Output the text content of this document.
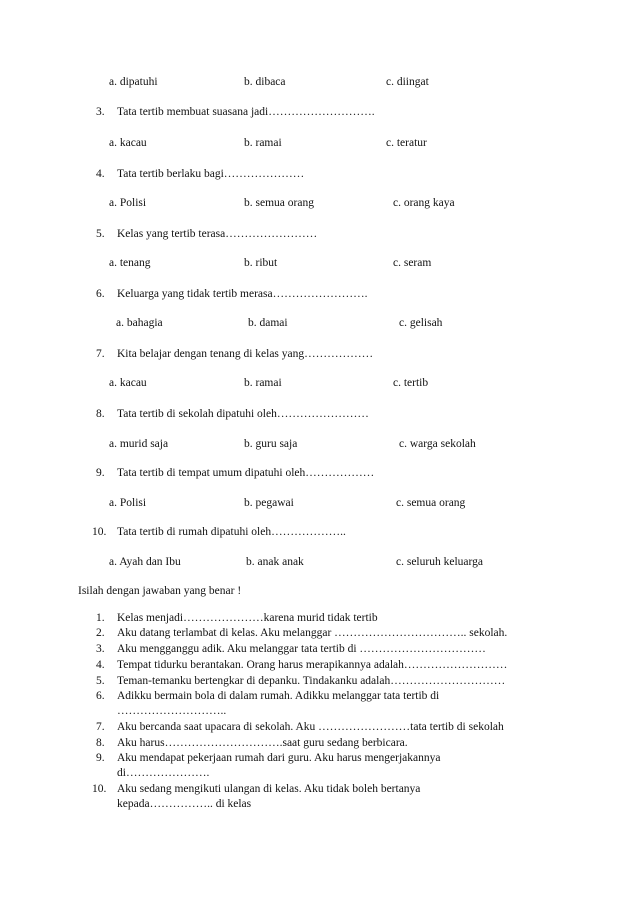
a. dipatuhi	b. dibaca	c. diingat
3. Tata tertib membuat suasana jadi……………………….
a. kacau	b. ramai	c. teratur
4. Tata tertib berlaku bagi…………………
a. Polisi	b. semua orang	c. orang kaya
5. Kelas yang tertib terasa……………………
a. tenang	b. ribut	c. seram
6. Keluarga yang tidak tertib merasa…………………….
a. bahagia	b. damai	c. gelisah
7. Kita belajar dengan tenang di kelas yang………………
a. kacau	b. ramai	c. tertib
8. Tata tertib di sekolah dipatuhi oleh……………………
a. murid saja	b. guru saja	c. warga sekolah
9. Tata tertib di tempat umum dipatuhi oleh………………
a. Polisi	b. pegawai	c. semua orang
10. Tata tertib di rumah dipatuhi oleh………………..
a. Ayah dan Ibu	b. anak anak	c. seluruh keluarga
Isilah dengan jawaban yang benar !
1. Kelas menjadi…………………karena murid tidak tertib
2. Aku datang terlambat di kelas. Aku melanggar …………………………….. sekolah.
3. Aku mengganggu adik. Aku melanggar tata tertib di ……………………………
4. Tempat tidurku berantakan. Orang harus merapikannya adalah………………………
5. Teman-temanku bertengkar di depanku. Tindakanku adalah…………………………
6. Adikku bermain bola di dalam rumah. Adikku melanggar tata tertib di
………………………..
7. Aku bercanda saat upacara di sekolah. Aku ……………………tata tertib di sekolah
8. Aku harus………………………….saat guru sedang berbicara.
9. Aku mendapat pekerjaan rumah dari guru. Aku harus mengerjakannya
di………………….
10. Aku sedang mengikuti ulangan di kelas. Aku tidak boleh bertanya
kepada…………….. di kelas
